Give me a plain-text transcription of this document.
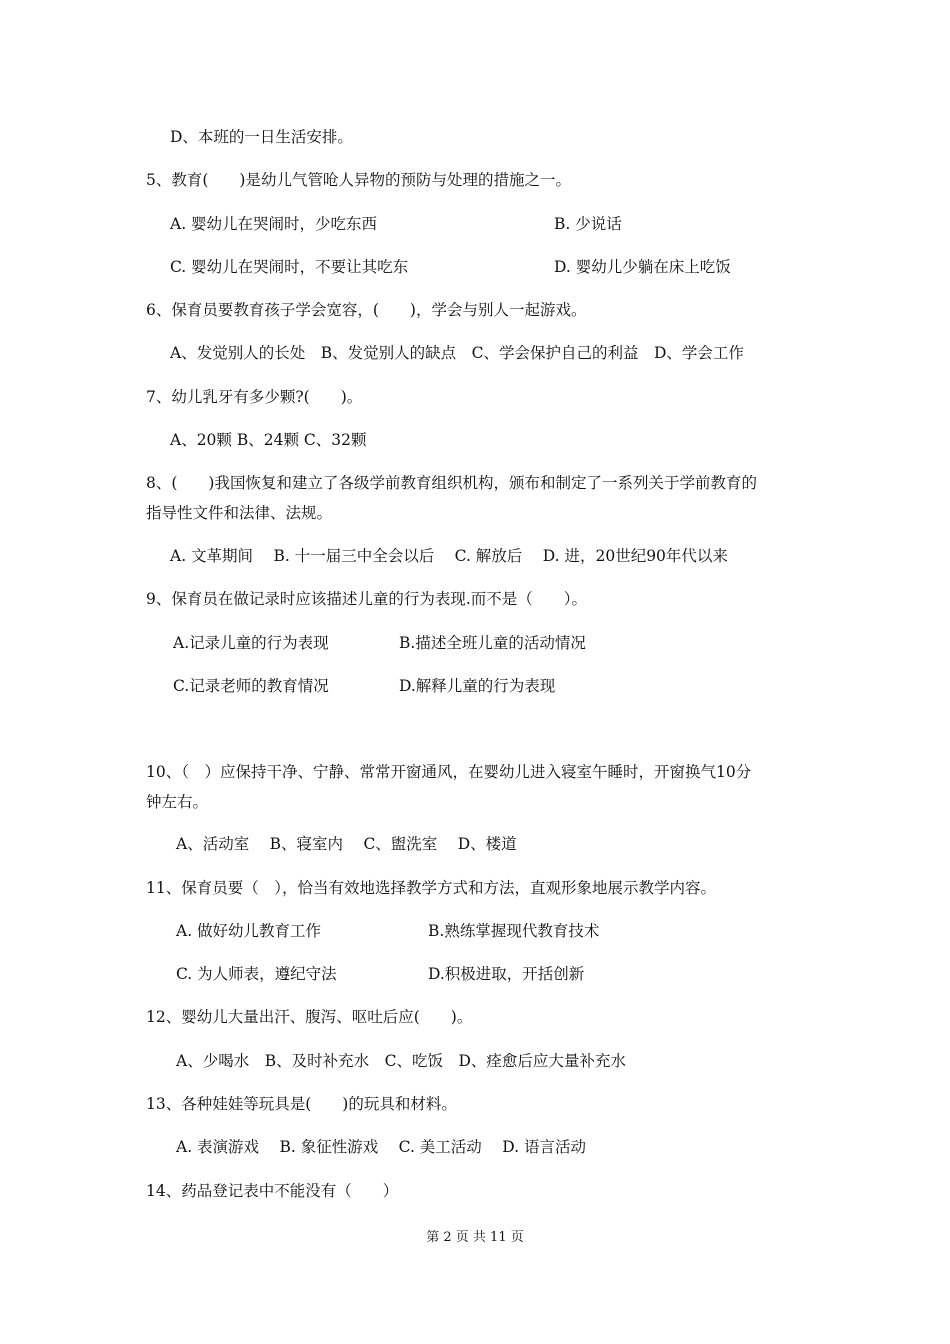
D、本班的一日生活安排。
5、教育(　　)是幼儿气管呛人异物的预防与处理的措施之一。
A. 婴幼儿在哭闹时，少吃东西	B. 少说话
C. 婴幼儿在哭闹时，不要让其吃东	D. 婴幼儿少躺在床上吃饭
6、保育员要教育孩子学会宽容，(　　)，学会与别人一起游戏。
A、发觉别人的长处　B、发觉别人的缺点　C、学会保护自己的利益　D、学会工作
7、幼儿乳牙有多少颗?(　　)。
A、20颗 B、24颗 C、32颗
8、(　　)我国恢复和建立了各级学前教育组织机构，颁布和制定了一系列关于学前教育的
指导性文件和法律、法规。
A. 文革期间　 B. 十一届三中全会以后　 C. 解放后　 D. 进，20世纪90年代以来
9、保育员在做记录时应该描述儿童的行为表现.而不是（　　）。
A.记录儿童的行为表现	B.描述全班儿童的活动情况
C.记录老师的教育情况	D.解释儿童的行为表现
10、（　）应保持干净、宁静、常常开窗通风，在婴幼儿进入寝室午睡时，开窗换气10分
钟左右。
A、活动室　 B、寝室内　 C、盥洗室　 D、楼道
11、保育员要（　），恰当有效地选择教学方式和方法，直观形象地展示教学内容。
A. 做好幼儿教育工作	B.熟练掌握现代教育技术
C. 为人师表，遵纪守法	D.积极进取，开括创新
12、婴幼儿大量出汗、腹泻、呕吐后应(　　)。
A、少喝水　B、及时补充水　C、吃饭　D、痊愈后应大量补充水
13、各种娃娃等玩具是(　　)的玩具和材料。
A. 表演游戏　 B. 象征性游戏　 C. 美工活动　 D. 语言活动
14、药品登记表中不能没有（　　）
第 2 页 共 11 页
